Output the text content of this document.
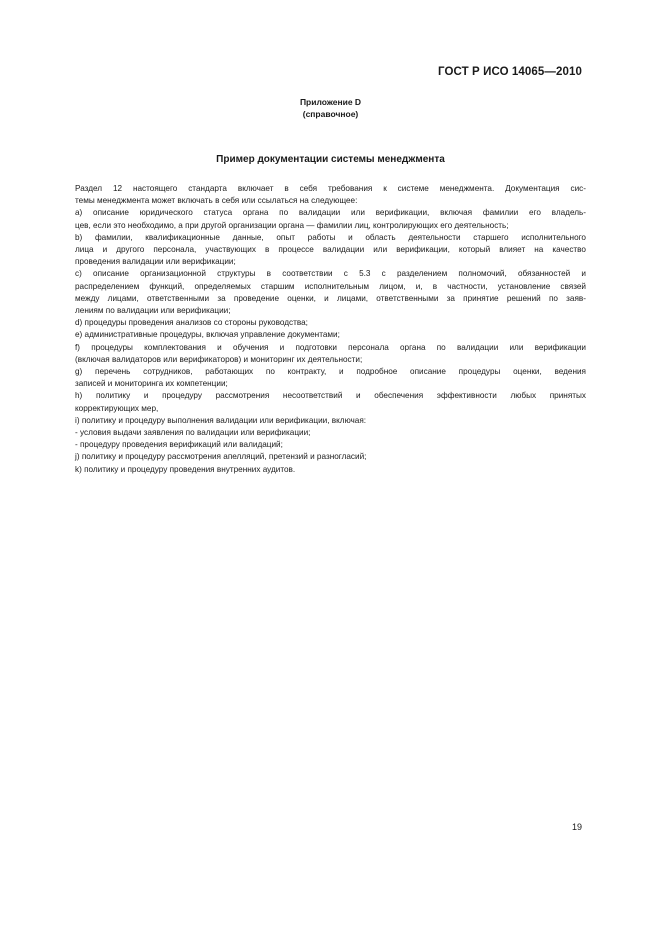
ГОСТ Р ИСО 14065—2010
Приложение D
(справочное)
Пример документации системы менеджмента
Раздел 12 настоящего стандарта включает в себя требования к системе менеджмента. Документация сис-
темы менеджмента может включать в себя или ссылаться на следующее:
а) описание юридического статуса органа по валидации или верификации, включая фамилии его владель-
цев, если это необходимо, а при другой организации органа — фамилии лиц, контролирующих его деятельность;
b) фамилии, квалификационные данные, опыт работы и область деятельности старшего исполнительного
лица и другого персонала, участвующих в процессе валидации или верификации, который влияет на качество
проведения валидации или верификации;
с) описание организационной структуры в соответствии с 5.3 с разделением полномочий, обязанностей и
распределением функций, определяемых старшим исполнительным лицом, и, в частности, установление связей
между лицами, ответственными за проведение оценки, и лицами, ответственными за принятие решений по заяв-
лениям по валидации или верификации;
d) процедуры проведения анализов со стороны руководства;
е) административные процедуры, включая управление документами;
f) процедуры комплектования и обучения и подготовки персонала органа по валидации или верификации
(включая валидаторов или верификаторов) и мониторинг их деятельности;
g) перечень сотрудников, работающих по контракту, и подробное описание процедуры оценки, ведения
записей и мониторинга их компетенции;
h) политику и процедуру рассмотрения несоответствий и обеспечения эффективности любых принятых
корректирующих мер,
i) политику и процедуру выполнения валидации или верификации, включая:
- условия выдачи заявления по валидации или верификации;
- процедуру проведения верификаций или валидаций;
j) политику и процедуру рассмотрения апелляций, претензий и разногласий;
k) политику и процедуру проведения внутренних аудитов.
19
